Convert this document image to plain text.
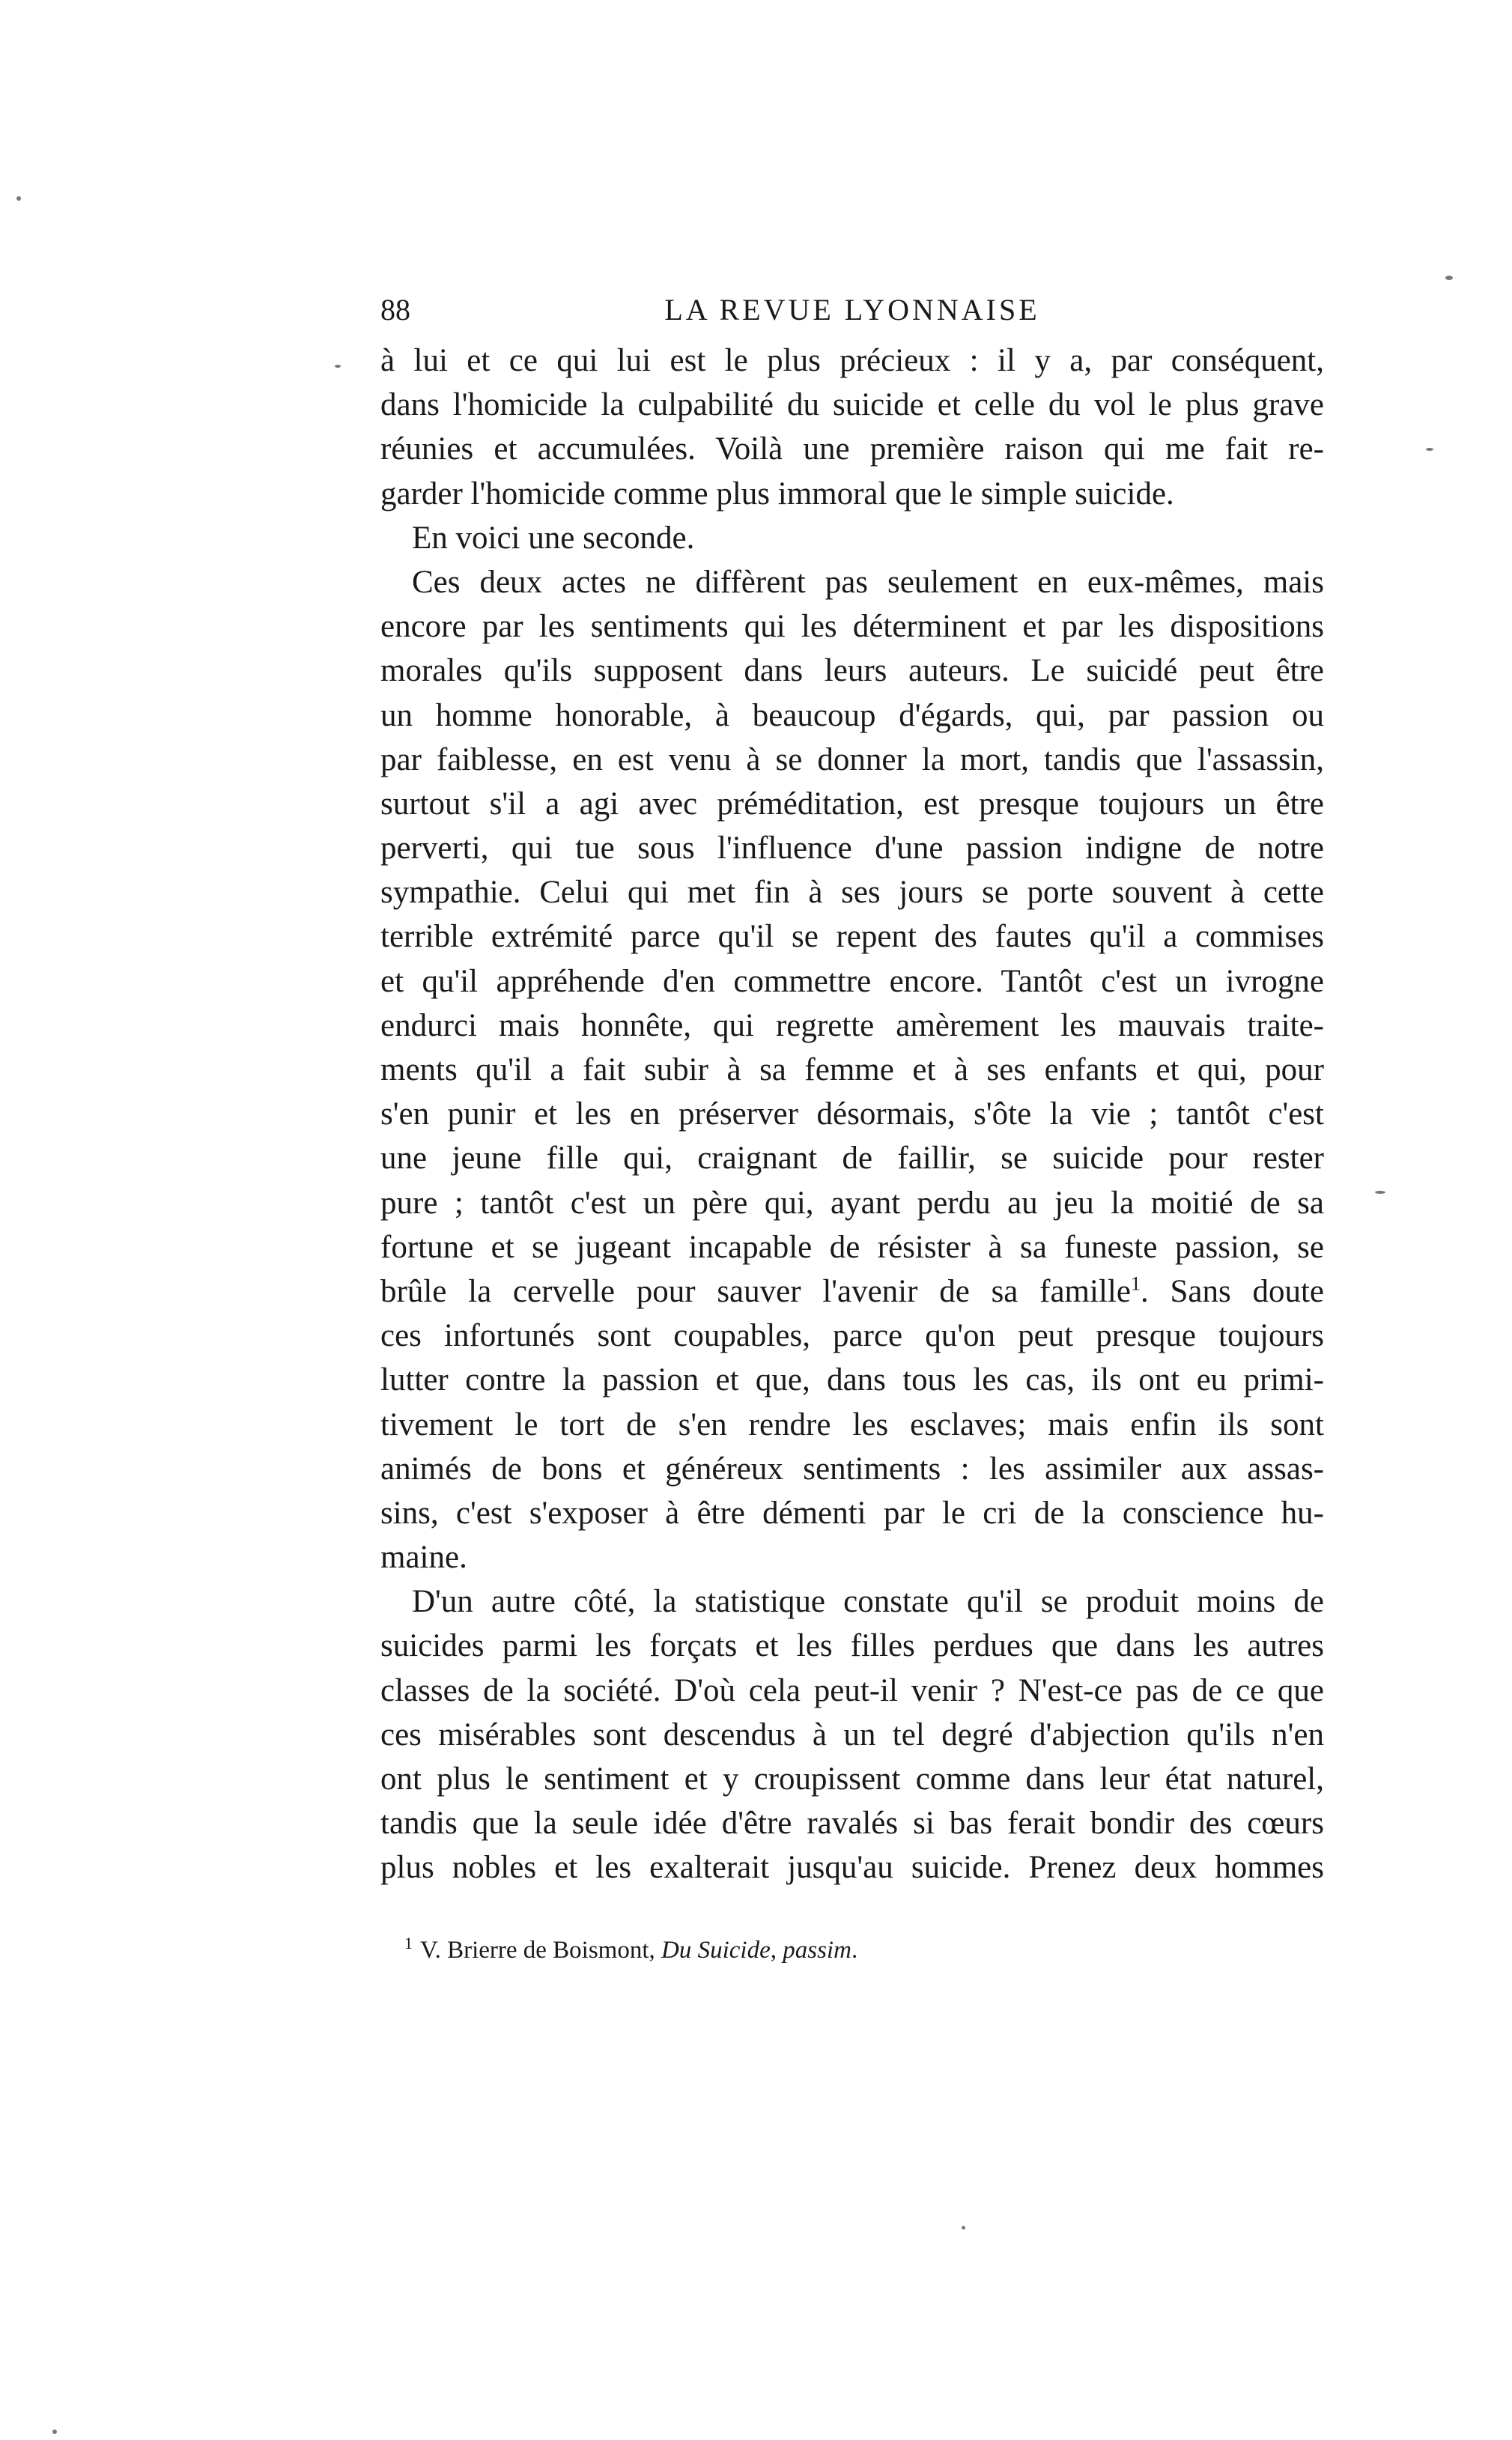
88	LA REVUE LYONNAISE
à lui et ce qui lui est le plus précieux : il y a, par conséquent,
dans l'homicide la culpabilité du suicide et celle du vol le plus grave
réunies et accumulées. Voilà une première raison qui me fait re-
garder l'homicide comme plus immoral que le simple suicide.
En voici une seconde.
Ces deux actes ne diffèrent pas seulement en eux-mêmes, mais
encore par les sentiments qui les déterminent et par les dispositions
morales qu'ils supposent dans leurs auteurs. Le suicidé peut être
un homme honorable, à beaucoup d'égards, qui, par passion ou
par faiblesse, en est venu à se donner la mort, tandis que l'assassin,
surtout s'il a agi avec préméditation, est presque toujours un être
perverti, qui tue sous l'influence d'une passion indigne de notre
sympathie. Celui qui met fin à ses jours se porte souvent à cette
terrible extrémité parce qu'il se repent des fautes qu'il a commises
et qu'il appréhende d'en commettre encore. Tantôt c'est un ivrogne
endurci mais honnête, qui regrette amèrement les mauvais traite-
ments qu'il a fait subir à sa femme et à ses enfants et qui, pour
s'en punir et les en préserver désormais, s'ôte la vie ; tantôt c'est
une jeune fille qui, craignant de faillir, se suicide pour rester
pure ; tantôt c'est un père qui, ayant perdu au jeu la moitié de sa
fortune et se jugeant incapable de résister à sa funeste passion, se
brûle la cervelle pour sauver l'avenir de sa famille$^1$. Sans doute
ces infortunés sont coupables, parce qu'on peut presque toujours
lutter contre la passion et que, dans tous les cas, ils ont eu primi-
tivement le tort de s'en rendre les esclaves; mais enfin ils sont
animés de bons et généreux sentiments : les assimiler aux assas-
sins, c'est s'exposer à être démenti par le cri de la conscience hu-
maine.
D'un autre côté, la statistique constate qu'il se produit moins de
suicides parmi les forçats et les filles perdues que dans les autres
classes de la société. D'où cela peut-il venir ? N'est-ce pas de ce que
ces misérables sont descendus à un tel degré d'abjection qu'ils n'en
ont plus le sentiment et y croupissent comme dans leur état naturel,
tandis que la seule idée d'être ravalés si bas ferait bondir des cœurs
plus nobles et les exalterait jusqu'au suicide. Prenez deux hommes
$^1$ V. Brierre de Boismont, Du Suicide, passim.
